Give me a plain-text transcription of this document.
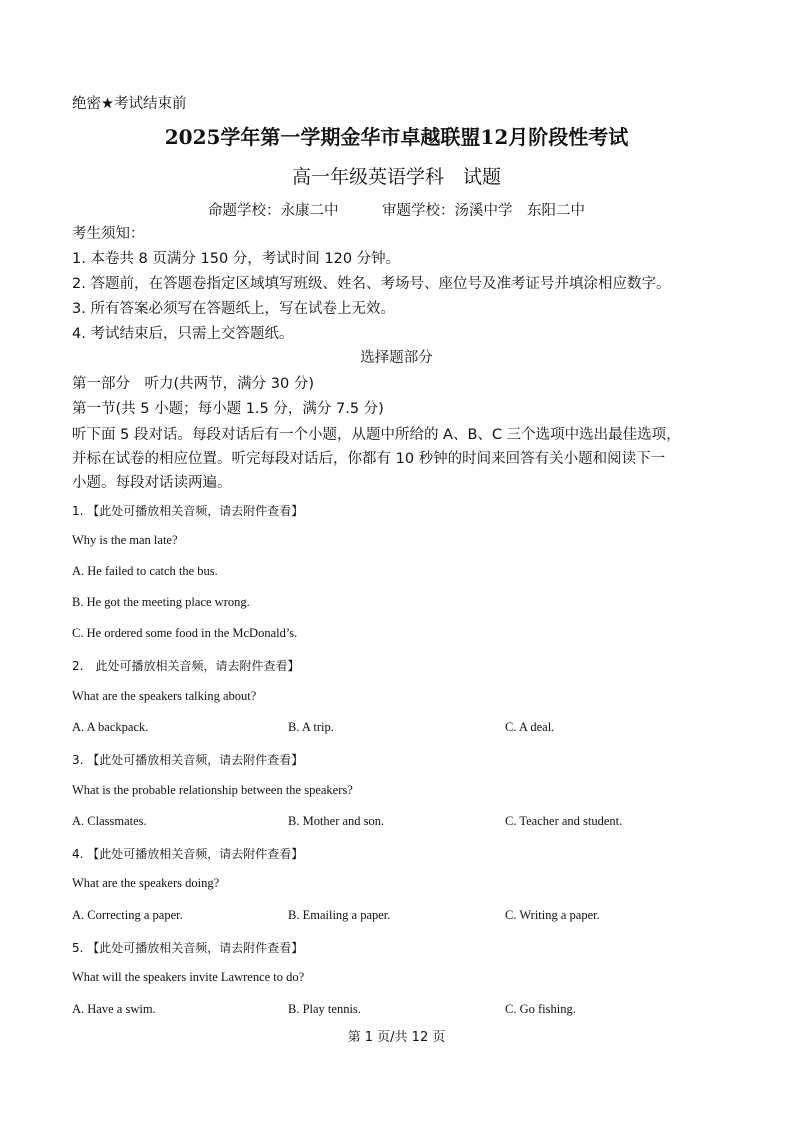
绝密★考试结束前
2025学年第一学期金华市卓越联盟12月阶段性考试
高一年级英语学科　试题
命题学校：永康二中　　　审题学校：汤溪中学　东阳二中
考生须知：
1. 本卷共 8 页满分 150 分，考试时间 120 分钟。
2. 答题前，在答题卷指定区域填写班级、姓名、考场号、座位号及准考证号并填涂相应数字。
3. 所有答案必须写在答题纸上，写在试卷上无效。
4. 考试结束后，只需上交答题纸。
选择题部分
第一部分　听力(共两节，满分 30 分)
第一节(共 5 小题；每小题 1.5 分，满分 7.5 分)
听下面 5 段对话。每段对话后有一个小题，从题中所给的 A、B、C 三个选项中选出最佳选项，
并标在试卷的相应位置。听完每段对话后，你都有 10 秒钟的时间来回答有关小题和阅读下一
小题。每段对话读两遍。
1. 【此处可播放相关音频，请去附件查看】
Why is the man late?
A. He failed to catch the bus.
B. He got the meeting place wrong.
C. He ordered some food in the McDonald’s.
2.　此处可播放相关音频，请去附件查看】
What are the speakers talking about?
A. A backpack.	B. A trip.	C. A deal.
3. 【此处可播放相关音频，请去附件查看】
What is the probable relationship between the speakers?
A. Classmates.	B. Mother and son.	C. Teacher and student.
4. 【此处可播放相关音频，请去附件查看】
What are the speakers doing?
A. Correcting a paper.	B. Emailing a paper.	C. Writing a paper.
5. 【此处可播放相关音频，请去附件查看】
What will the speakers invite Lawrence to do?
A. Have a swim.	B. Play tennis.	C. Go fishing.
第 1 页/共 12 页
